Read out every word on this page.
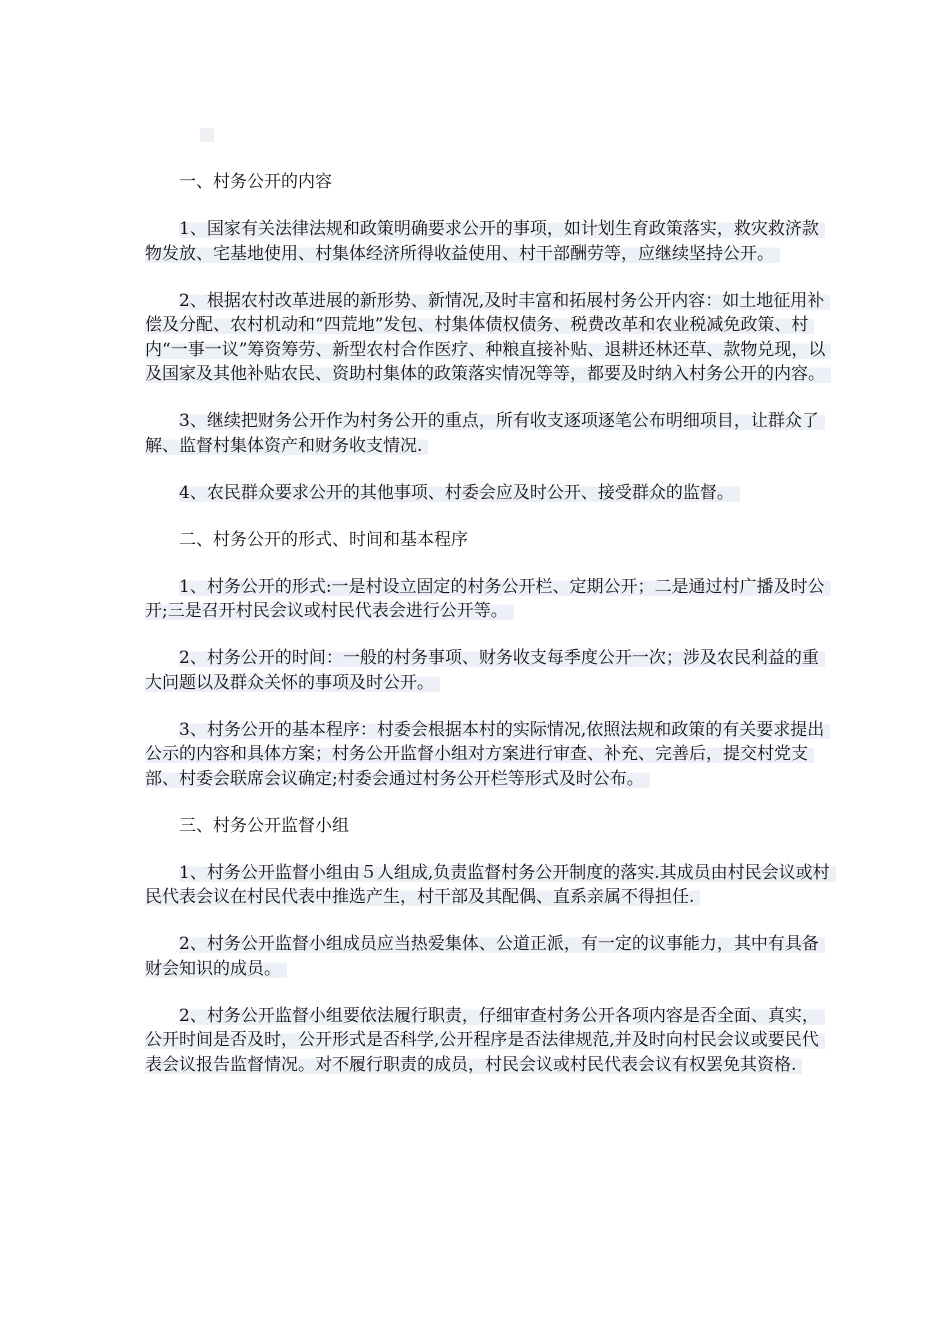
一、村务公开的内容

1、国家有关法律法规和政策明确要求公开的事项，如计划生育政策落实，救灾救济款物发放、宅基地使用、村集体经济所得收益使用、村干部酬劳等，应继续坚持公开。

2、根据农村改革进展的新形势、新情况,及时丰富和拓展村务公开内容：如土地征用补偿及分配、农村机动和“四荒地”发包、村集体债权债务、税费改革和农业税减免政策、村内“一事一议”筹资筹劳、新型农村合作医疗、种粮直接补贴、退耕还林还草、款物兑现，以及国家及其他补贴农民、资助村集体的政策落实情况等等，都要及时纳入村务公开的内容。

3、继续把财务公开作为村务公开的重点，所有收支逐项逐笔公布明细项目，让群众了解、监督村集体资产和财务收支情况.

4、农民群众要求公开的其他事项、村委会应及时公开、接受群众的监督。

二、村务公开的形式、时间和基本程序

1、村务公开的形式:一是村设立固定的村务公开栏、定期公开；二是通过村广播及时公开;三是召开村民会议或村民代表会进行公开等。

2、村务公开的时间：一般的村务事项、财务收支每季度公开一次；涉及农民利益的重大问题以及群众关怀的事项及时公开。

3、村务公开的基本程序：村委会根据本村的实际情况,依照法规和政策的有关要求提出公示的内容和具体方案；村务公开监督小组对方案进行审查、补充、完善后，提交村党支部、村委会联席会议确定;村委会通过村务公开栏等形式及时公布。

三、村务公开监督小组

1、村务公开监督小组由５人组成,负责监督村务公开制度的落实.其成员由村民会议或村民代表会议在村民代表中推选产生，村干部及其配偶、直系亲属不得担任.

2、村务公开监督小组成员应当热爱集体、公道正派，有一定的议事能力，其中有具备财会知识的成员。

2、村务公开监督小组要依法履行职责，仔细审查村务公开各项内容是否全面、真实，公开时间是否及时，公开形式是否科学,公开程序是否法律规范,并及时向村民会议或要民代表会议报告监督情况。对不履行职责的成员，村民会议或村民代表会议有权罢免其资格.
